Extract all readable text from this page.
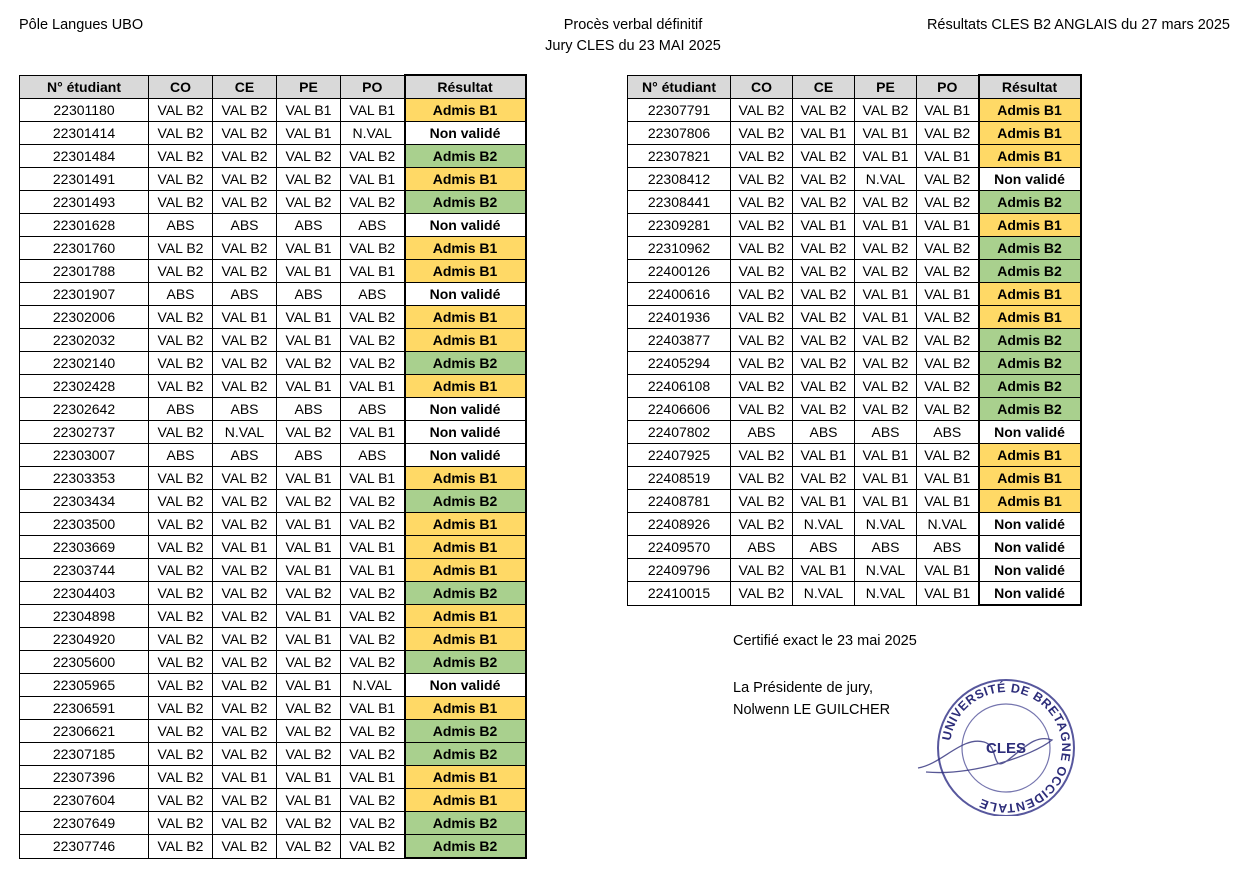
Pôle Langues UBO	Procès verbal définitif
Jury CLES du 23 MAI 2025
Résultats CLES B2 ANGLAIS du 27 mars 2025
N° étudiant	CO	CE	PE	PO	Résultat
22301180	VAL B2	VAL B2	VAL B1	VAL B1	Admis B1
22301414	VAL B2	VAL B2	VAL B1	N.VAL	Non validé
22301484	VAL B2	VAL B2	VAL B2	VAL B2	Admis B2
22301491	VAL B2	VAL B2	VAL B2	VAL B1	Admis B1
22301493	VAL B2	VAL B2	VAL B2	VAL B2	Admis B2
22301628	ABS	ABS	ABS	ABS	Non validé
22301760	VAL B2	VAL B2	VAL B1	VAL B2	Admis B1
22301788	VAL B2	VAL B2	VAL B1	VAL B1	Admis B1
22301907	ABS	ABS	ABS	ABS	Non validé
22302006	VAL B2	VAL B1	VAL B1	VAL B2	Admis B1
22302032	VAL B2	VAL B2	VAL B1	VAL B2	Admis B1
22302140	VAL B2	VAL B2	VAL B2	VAL B2	Admis B2
22302428	VAL B2	VAL B2	VAL B1	VAL B1	Admis B1
22302642	ABS	ABS	ABS	ABS	Non validé
22302737	VAL B2	N.VAL	VAL B2	VAL B1	Non validé
22303007	ABS	ABS	ABS	ABS	Non validé
22303353	VAL B2	VAL B2	VAL B1	VAL B1	Admis B1
22303434	VAL B2	VAL B2	VAL B2	VAL B2	Admis B2
22303500	VAL B2	VAL B2	VAL B1	VAL B2	Admis B1
22303669	VAL B2	VAL B1	VAL B1	VAL B1	Admis B1
22303744	VAL B2	VAL B2	VAL B1	VAL B1	Admis B1
22304403	VAL B2	VAL B2	VAL B2	VAL B2	Admis B2
22304898	VAL B2	VAL B2	VAL B1	VAL B2	Admis B1
22304920	VAL B2	VAL B2	VAL B1	VAL B2	Admis B1
22305600	VAL B2	VAL B2	VAL B2	VAL B2	Admis B2
22305965	VAL B2	VAL B2	VAL B1	N.VAL	Non validé
22306591	VAL B2	VAL B2	VAL B2	VAL B1	Admis B1
22306621	VAL B2	VAL B2	VAL B2	VAL B2	Admis B2
22307185	VAL B2	VAL B2	VAL B2	VAL B2	Admis B2
22307396	VAL B2	VAL B1	VAL B1	VAL B1	Admis B1
22307604	VAL B2	VAL B2	VAL B1	VAL B2	Admis B1
22307649	VAL B2	VAL B2	VAL B2	VAL B2	Admis B2
22307746	VAL B2	VAL B2	VAL B2	VAL B2	Admis B2
N° étudiant	CO	CE	PE	PO	Résultat
22307791	VAL B2	VAL B2	VAL B2	VAL B1	Admis B1
22307806	VAL B2	VAL B1	VAL B1	VAL B2	Admis B1
22307821	VAL B2	VAL B2	VAL B1	VAL B1	Admis B1
22308412	VAL B2	VAL B2	N.VAL	VAL B2	Non validé
22308441	VAL B2	VAL B2	VAL B2	VAL B2	Admis B2
22309281	VAL B2	VAL B1	VAL B1	VAL B1	Admis B1
22310962	VAL B2	VAL B2	VAL B2	VAL B2	Admis B2
22400126	VAL B2	VAL B2	VAL B2	VAL B2	Admis B2
22400616	VAL B2	VAL B2	VAL B1	VAL B1	Admis B1
22401936	VAL B2	VAL B2	VAL B1	VAL B2	Admis B1
22403877	VAL B2	VAL B2	VAL B2	VAL B2	Admis B2
22405294	VAL B2	VAL B2	VAL B2	VAL B2	Admis B2
22406108	VAL B2	VAL B2	VAL B2	VAL B2	Admis B2
22406606	VAL B2	VAL B2	VAL B2	VAL B2	Admis B2
22407802	ABS	ABS	ABS	ABS	Non validé
22407925	VAL B2	VAL B1	VAL B1	VAL B2	Admis B1
22408519	VAL B2	VAL B2	VAL B1	VAL B1	Admis B1
22408781	VAL B2	VAL B1	VAL B1	VAL B1	Admis B1
22408926	VAL B2	N.VAL	N.VAL	N.VAL	Non validé
22409570	ABS	ABS	ABS	ABS	Non validé
22409796	VAL B2	VAL B1	N.VAL	VAL B1	Non validé
22410015	VAL B2	N.VAL	N.VAL	VAL B1	Non validé
Certifié exact le 23 mai 2025
La Présidente de jury,
Nolwenn LE GUILCHER
UNIVERSITÉ DE BRETAGNE OCCIDENTALE
CLES
